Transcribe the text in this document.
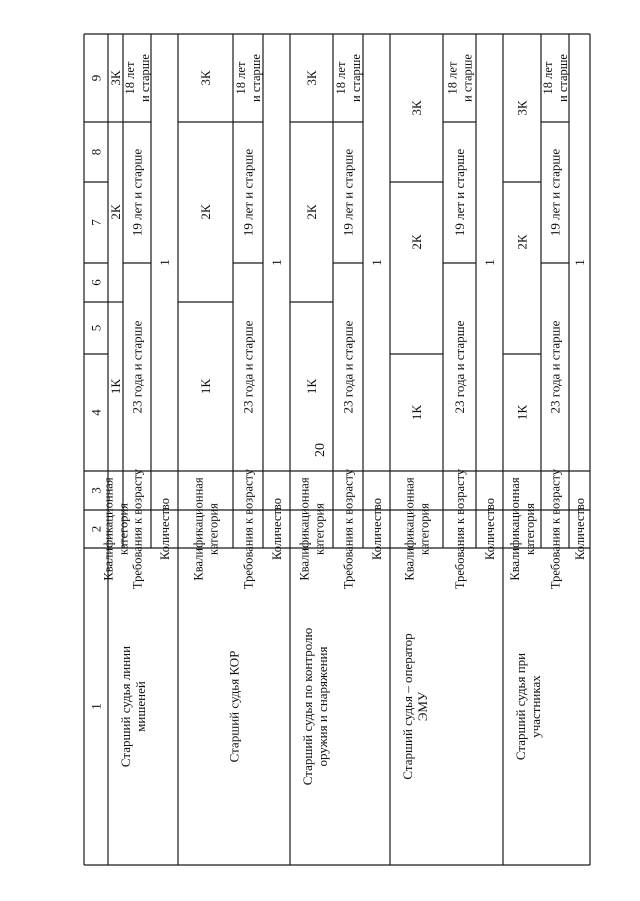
20
1
2
3
4
5
6
7
8
9
Старший судья линии мишеней
Квалификационная категория Требования к возрасту Количество
1К
2К
3К
23 года и старше
19 лет и старше
18 лет и старше
1
Старший судья КОР
Квалификационная категория Требования к возрасту Количество
1К
2К
3К
23 года и старше
19 лет и старше
18 лет и старше
1
Старший судья по контролю оружия и снаряжения
Квалификационная категория Требования к возрасту Количество
1К
2К
3К
23 года и старше
19 лет и старше
18 лет и старше
1
Старший судья – оператор ЭМУ
Квалификационная категория Требования к возрасту Количество
1К
2К
3К
23 года и старше
19 лет и старше
18 лет и старше
1
Старший судья при участниках
Квалификационная категория Требования к возрасту Количество
1К
2К
3К
23 года и старше
19 лет и старше
18 лет и старше
1
